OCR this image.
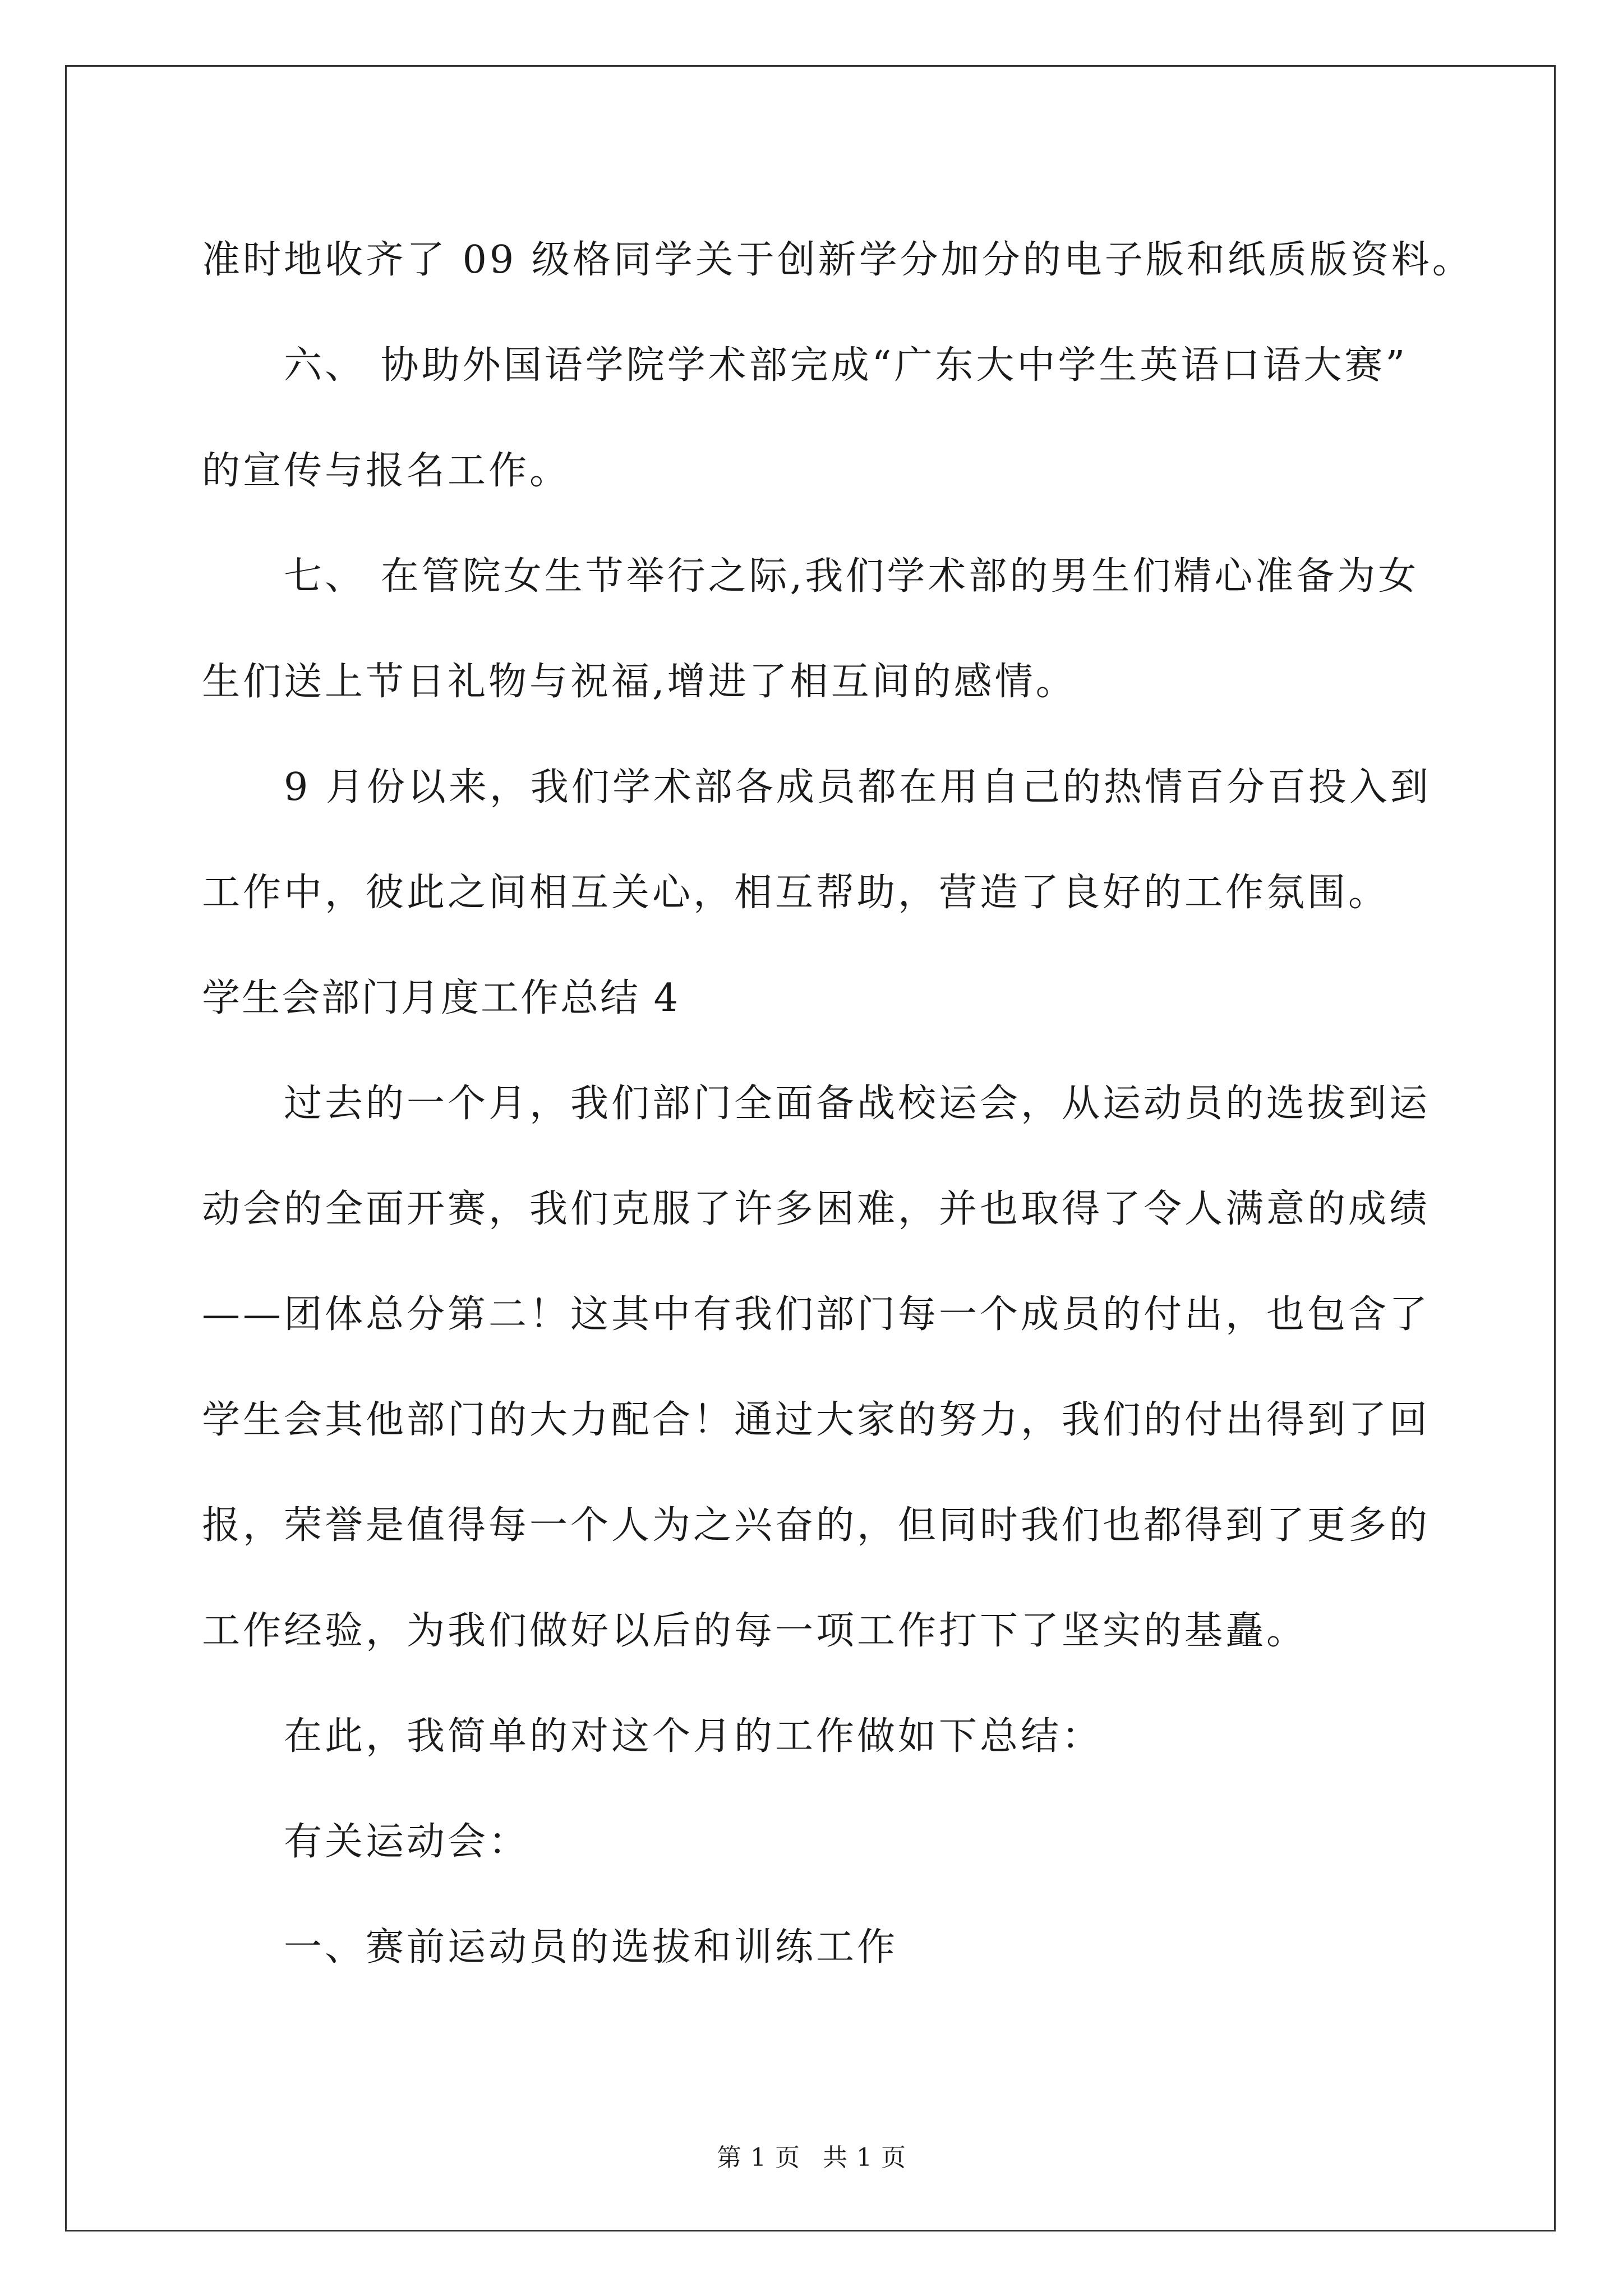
准时地收齐了 09 级格同学关于创新学分加分的电子版和纸质版资料。
六、 协助外国语学院学术部完成“广东大中学生英语口语大赛”
的宣传与报名工作。
七、 在管院女生节举行之际,我们学术部的男生们精心准备为女
生们送上节日礼物与祝福,增进了相互间的感情。
9 月份以来，我们学术部各成员都在用自己的热情百分百投入到
工作中，彼此之间相互关心，相互帮助，营造了良好的工作氛围。
学生会部门月度工作总结 4
过去的一个月，我们部门全面备战校运会，从运动员的选拔到运
动会的全面开赛，我们克服了许多困难，并也取得了令人满意的成绩
——团体总分第二！这其中有我们部门每一个成员的付出，也包含了
学生会其他部门的大力配合！通过大家的努力，我们的付出得到了回
报，荣誉是值得每一个人为之兴奋的，但同时我们也都得到了更多的
工作经验，为我们做好以后的每一项工作打下了坚实的基矗。
在此，我简单的对这个月的工作做如下总结：
有关运动会：
一、赛前运动员的选拔和训练工作
第 1 页 共 1 页
